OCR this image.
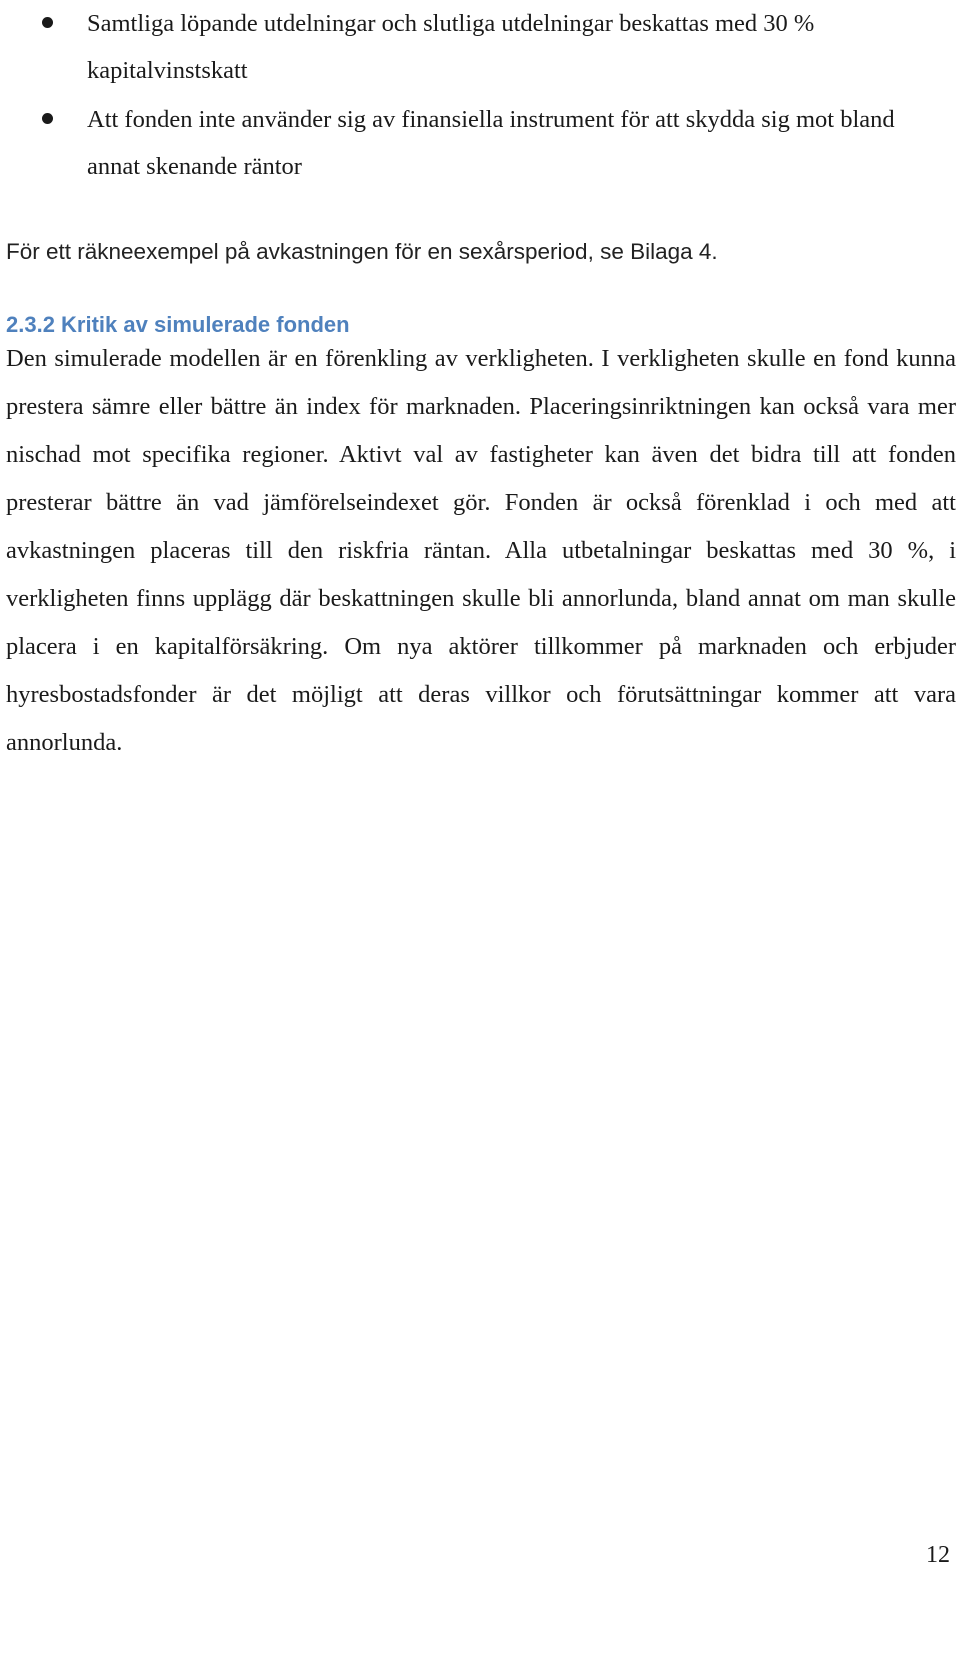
Samtliga löpande utdelningar och slutliga utdelningar beskattas med 30 % kapitalvinstskatt
Att fonden inte använder sig av finansiella instrument för att skydda sig mot bland annat skenande räntor

För ett räkneexempel på avkastningen för en sexårsperiod, se Bilaga 4.

2.3.2 Kritik av simulerade fonden

Den simulerade modellen är en förenkling av verkligheten. I verkligheten skulle en fond kunna prestera sämre eller bättre än index för marknaden. Placeringsinriktningen kan också vara mer nischad mot specifika regioner. Aktivt val av fastigheter kan även det bidra till att fonden presterar bättre än vad jämförelseindexet gör. Fonden är också förenklad i och med att avkastningen placeras till den riskfria räntan. Alla utbetalningar beskattas med 30 %, i verkligheten finns upplägg där beskattningen skulle bli annorlunda, bland annat om man skulle placera i en kapitalförsäkring. Om nya aktörer tillkommer på marknaden och erbjuder hyresbostadsfonder är det möjligt att deras villkor och förutsättningar kommer att vara annorlunda.

12
